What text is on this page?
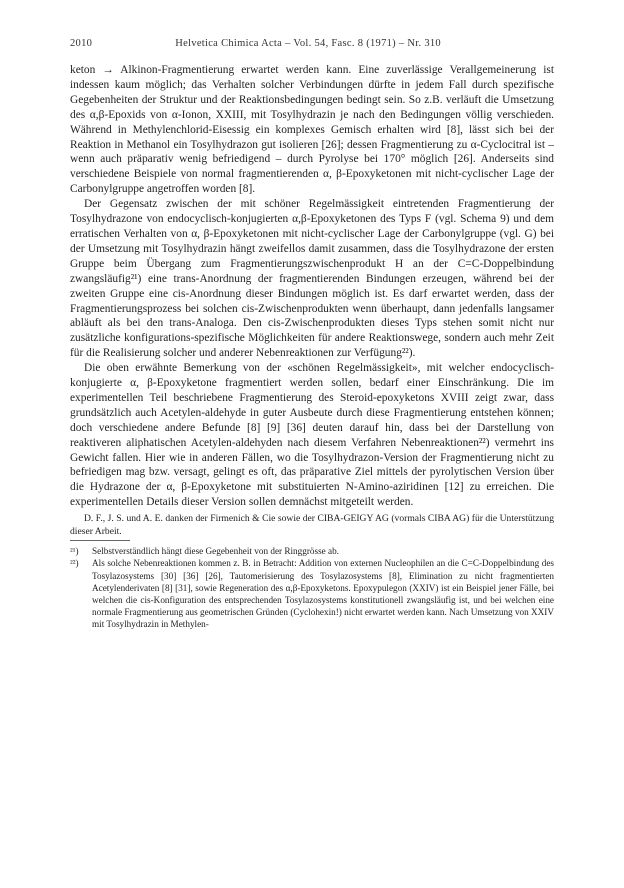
2010	Helvetica Chimica Acta – Vol. 54, Fasc. 8 (1971) – Nr. 310

keton → Alkinon-Fragmentierung erwartet werden kann. Eine zuverlässige Verallgemeinerung ist indessen kaum möglich; das Verhalten solcher Verbindungen dürfte in jedem Fall durch spezifische Gegebenheiten der Struktur und der Reaktionsbedingungen bedingt sein. So z.B. verläuft die Umsetzung des α,β-Epoxids von α-Ionon, XXIII, mit Tosylhydrazin je nach den Bedingungen völlig verschieden. Während in Methylenchlorid-Eisessig ein komplexes Gemisch erhalten wird [8], lässt sich bei der Reaktion in Methanol ein Tosylhydrazon gut isolieren [26]; dessen Fragmentierung zu α-Cyclocitral ist – wenn auch präparativ wenig befriedigend – durch Pyrolyse bei 170° möglich [26]. Anderseits sind verschiedene Beispiele von normal fragmentierenden α, β-Epoxyketonen mit nicht-cyclischer Lage der Carbonylgruppe angetroffen worden [8].

Der Gegensatz zwischen der mit schöner Regelmässigkeit eintretenden Fragmentierung der Tosylhydrazone von endocyclisch-konjugierten α,β-Epoxyketonen des Typs F (vgl. Schema 9) und dem erratischen Verhalten von α, β-Epoxyketonen mit nicht-cyclischer Lage der Carbonylgruppe (vgl. G) bei der Umsetzung mit Tosylhydrazin hängt zweifellos damit zusammen, dass die Tosylhydrazone der ersten Gruppe beim Übergang zum Fragmentierungszwischenprodukt H an der C=C-Doppelbindung zwangsläufig²¹) eine trans-Anordnung der fragmentierenden Bindungen erzeugen, während bei der zweiten Gruppe eine cis-Anordnung dieser Bindungen möglich ist. Es darf erwartet werden, dass der Fragmentierungsprozess bei solchen cis-Zwischenprodukten wenn überhaupt, dann jedenfalls langsamer abläuft als bei den trans-Analoga. Den cis-Zwischenprodukten dieses Typs stehen somit nicht nur zusätzliche konfigurations-spezifische Möglichkeiten für andere Reaktionswege, sondern auch mehr Zeit für die Realisierung solcher und anderer Nebenreaktionen zur Verfügung²²).

Die oben erwähnte Bemerkung von der «schönen Regelmässigkeit», mit welcher endocyclisch-konjugierte α, β-Epoxyketone fragmentiert werden sollen, bedarf einer Einschränkung. Die im experimentellen Teil beschriebene Fragmentierung des Steroid-epoxyketons XVIII zeigt zwar, dass grundsätzlich auch Acetylen-aldehyde in guter Ausbeute durch diese Fragmentierung entstehen können; doch verschiedene andere Befunde [8] [9] [36] deuten darauf hin, dass bei der Darstellung von reaktiveren aliphatischen Acetylen-aldehyden nach diesem Verfahren Nebenreaktionen²²) vermehrt ins Gewicht fallen. Hier wie in anderen Fällen, wo die Tosylhydrazon-Version der Fragmentierung nicht zu befriedigen mag bzw. versagt, gelingt es oft, das präparative Ziel mittels der pyrolytischen Version über die Hydrazone der α, β-Epoxyketone mit substituierten N-Amino-aziridinen [12] zu erreichen. Die experimentellen Details dieser Version sollen demnächst mitgeteilt werden.

D. F., J. S. und A. E. danken der Firmenich & Cie sowie der CIBA-GEIGY AG (vormals CIBA AG) für die Unterstützung dieser Arbeit.

²¹)	Selbstverständlich hängt diese Gegebenheit von der Ringgrösse ab.
²²)	Als solche Nebenreaktionen kommen z. B. in Betracht: Addition von externen Nucleophilen an die C=C-Doppelbindung des Tosylazosystems [30] [36] [26], Tautomerisierung des Tosylazosystems [8], Elimination zu nicht fragmentierten Acetylenderivaten [8] [31], sowie Regeneration des α,β-Epoxyketons. Epoxypulegon (XXIV) ist ein Beispiel jener Fälle, bei welchen die cis-Konfiguration des entsprechenden Tosylazosystems konstitutionell zwangsläufig ist, und bei welchen eine normale Fragmentierung aus geometrischen Gründen (Cyclohexin!) nicht erwartet werden kann. Nach Umsetzung von XXIV mit Tosylhydrazin in Methylen-
